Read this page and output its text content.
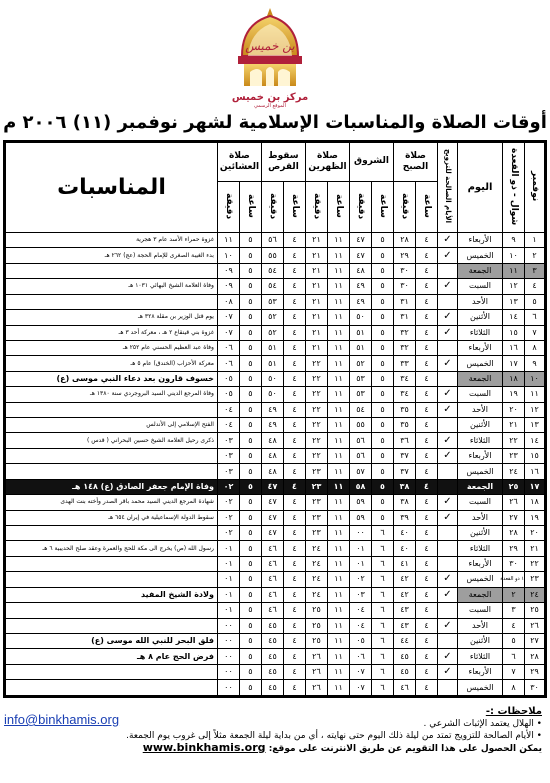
بن خميس
مركز بن خميس
الموقع الرسمي
أوقات الصلاة والمناسبات الإسلامية لشهر نوفمبر (١١) ٢٠٠٦ م
نوفمبر	شوال - ذو القعدة	اليوم	الأيام الصالحة للتزويج	صلاة الصبح		الشروق		صلاة الظهرين		سقوط القرص		صلاة العشائين		المناسبات
				ساعة	دقيقة	ساعة	دقيقة	ساعة	دقيقة	ساعة	دقيقة	ساعة	دقيقة	
١	٩	الأربعاء	✓	٤	٢٨	٥	٤٧	١١	٢١	٤	٥٦	٥	١١	غزوة حمراء الأسد عام ٣ هجرية
٢	١٠	الخميس	✓	٤	٢٩	٥	٤٧	١١	٢١	٤	٥٥	٥	١٠	بدء الغيبة الصغرى للإمام الحجة (عج) ٢٦٢ هـ
٣	١١	الجمعة		٤	٣٠	٥	٤٨	١١	٢١	٤	٥٤	٥	٠٩	
٤	١٢	السبت	✓	٤	٣٠	٥	٤٩	١١	٢١	٤	٥٤	٥	٠٩	وفاة العلامة الشيخ البهائي ١٠٣١ هـ
٥	١٣	الأحد		٤	٣١	٥	٤٩	١١	٢١	٤	٥٣	٥	٠٨	
٦	١٤	الأثنين	✓	٤	٣١	٥	٥٠	١١	٢١	٤	٥٢	٥	٠٧	يوم قتل الوزير بن مقلة ٣٢٨ هـ
٧	١٥	الثلاثاء	✓	٤	٣٢	٥	٥١	١١	٢١	٤	٥٢	٥	٠٧	غزوة بني قينقاع ٢ هـ ، معركة أحد ٣ هـ
٨	١٦	الأربعاء		٤	٣٢	٥	٥١	١١	٢١	٤	٥١	٥	٠٦	وفاة عبد العظيم الحسني عام ٢٥٢ هـ
٩	١٧	الخميس	✓	٤	٣٣	٥	٥٢	١١	٢٢	٤	٥١	٥	٠٦	معركة الأحزاب (الخندق) عام ٥ هـ
١٠	١٨	الجمعة		٤	٣٤	٥	٥٣	١١	٢٢	٤	٥٠	٥	٠٥	خسوف قارون بعد دعاء النبي موسى (ع)
١١	١٩	السبت	✓	٤	٣٤	٥	٥٣	١١	٢٢	٤	٥٠	٥	٠٥	وفاة المرجع الديني السيد البروجردي سنة ١٣٨٠ هـ
١٢	٢٠	الأحد	✓	٤	٣٥	٥	٥٤	١١	٢٢	٤	٤٩	٥	٠٤	
١٣	٢١	الأثنين		٤	٣٥	٥	٥٥	١١	٢٢	٤	٤٩	٥	٠٤	الفتح الإسلامي إلى الأندلس
١٤	٢٢	الثلاثاء	✓	٤	٣٦	٥	٥٦	١١	٢٢	٤	٤٨	٥	٠٣	ذكرى رحيل العلامة الشيخ حسين البحراني ( قدس )
١٥	٢٣	الأربعاء	✓	٤	٣٧	٥	٥٦	١١	٢٢	٤	٤٨	٥	٠٣	
١٦	٢٤	الخميس		٤	٣٧	٥	٥٧	١١	٢٣	٤	٤٨	٥	٠٣	
١٧	٢٥	الجمعة		٤	٣٨	٥	٥٨	١١	٢٣	٤	٤٧	٥	٠٢	وفاة الإمام جعفر الصادق (ع) ١٤٨ هـ
١٨	٢٦	السبت	✓	٤	٣٨	٥	٥٩	١١	٢٣	٤	٤٧	٥	٠٢	شهادة المرجع الديني السيد محمد باقر الصدر وأخته بنت الهدى
١٩	٢٧	الأحد	✓	٤	٣٩	٥	٥٩	١١	٢٣	٤	٤٧	٥	٠٢	سقوط الدولة الإسماعيلية في إيران ٦٥٤ هـ
٢٠	٢٨	الأثنين		٤	٤٠	٦	٠٠	١١	٢٣	٤	٤٧	٥	٠٢	
٢١	٢٩	الثلاثاء		٤	٤٠	٦	٠١	١١	٢٤	٤	٤٦	٥	٠١	رسول الله (ص) يخرج الى مكة للحج والعمرة وعقد صلح الحديبية ٦ هـ
٢٢	٣٠	الأربعاء		٤	٤١	٦	٠١	١١	٢٤	٤	٤٦	٥	٠١	
٢٣	١ ذو القعدة	الخميس	✓	٤	٤٢	٦	٠٢	١١	٢٤	٤	٤٦	٥	٠١	
٢٤	٢	الجمعة	✓	٤	٤٢	٦	٠٣	١١	٢٤	٤	٤٦	٥	٠١	ولادة الشيخ المفيد
٢٥	٣	السبت		٤	٤٣	٦	٠٤	١١	٢٥	٤	٤٦	٥	٠١	
٢٦	٤	الأحد	✓	٤	٤٣	٦	٠٤	١١	٢٥	٤	٤٥	٥	٠٠	
٢٧	٥	الأثنين		٤	٤٤	٦	٠٥	١١	٢٥	٤	٤٥	٥	٠٠	فلق البحر للنبي الله موسى (ع)
٢٨	٦	الثلاثاء	✓	٤	٤٥	٦	٠٦	١١	٢٦	٤	٤٥	٥	٠٠	فرض الحج عام ٨ هـ
٢٩	٧	الأربعاء	✓	٤	٤٥	٦	٠٧	١١	٢٦	٤	٤٥	٥	٠٠	
٣٠	٨	الخميس		٤	٤٦	٦	٠٧	١١	٢٦	٤	٤٥	٥	٠٠	
info@binkhamis.org
ملاحظات :-
• الهلال يعتمد الإثبات الشرعي .
• الأيام الصالحة للتزويج تمتد من ليلة ذلك اليوم حتى نهايته ، أي من بداية ليلة الجمعة مثلاً إلى غروب يوم الجمعة.
يمكن الحصول على هذا التقويم عن طريق الانترنت على موقع: www.binkhamis.org
